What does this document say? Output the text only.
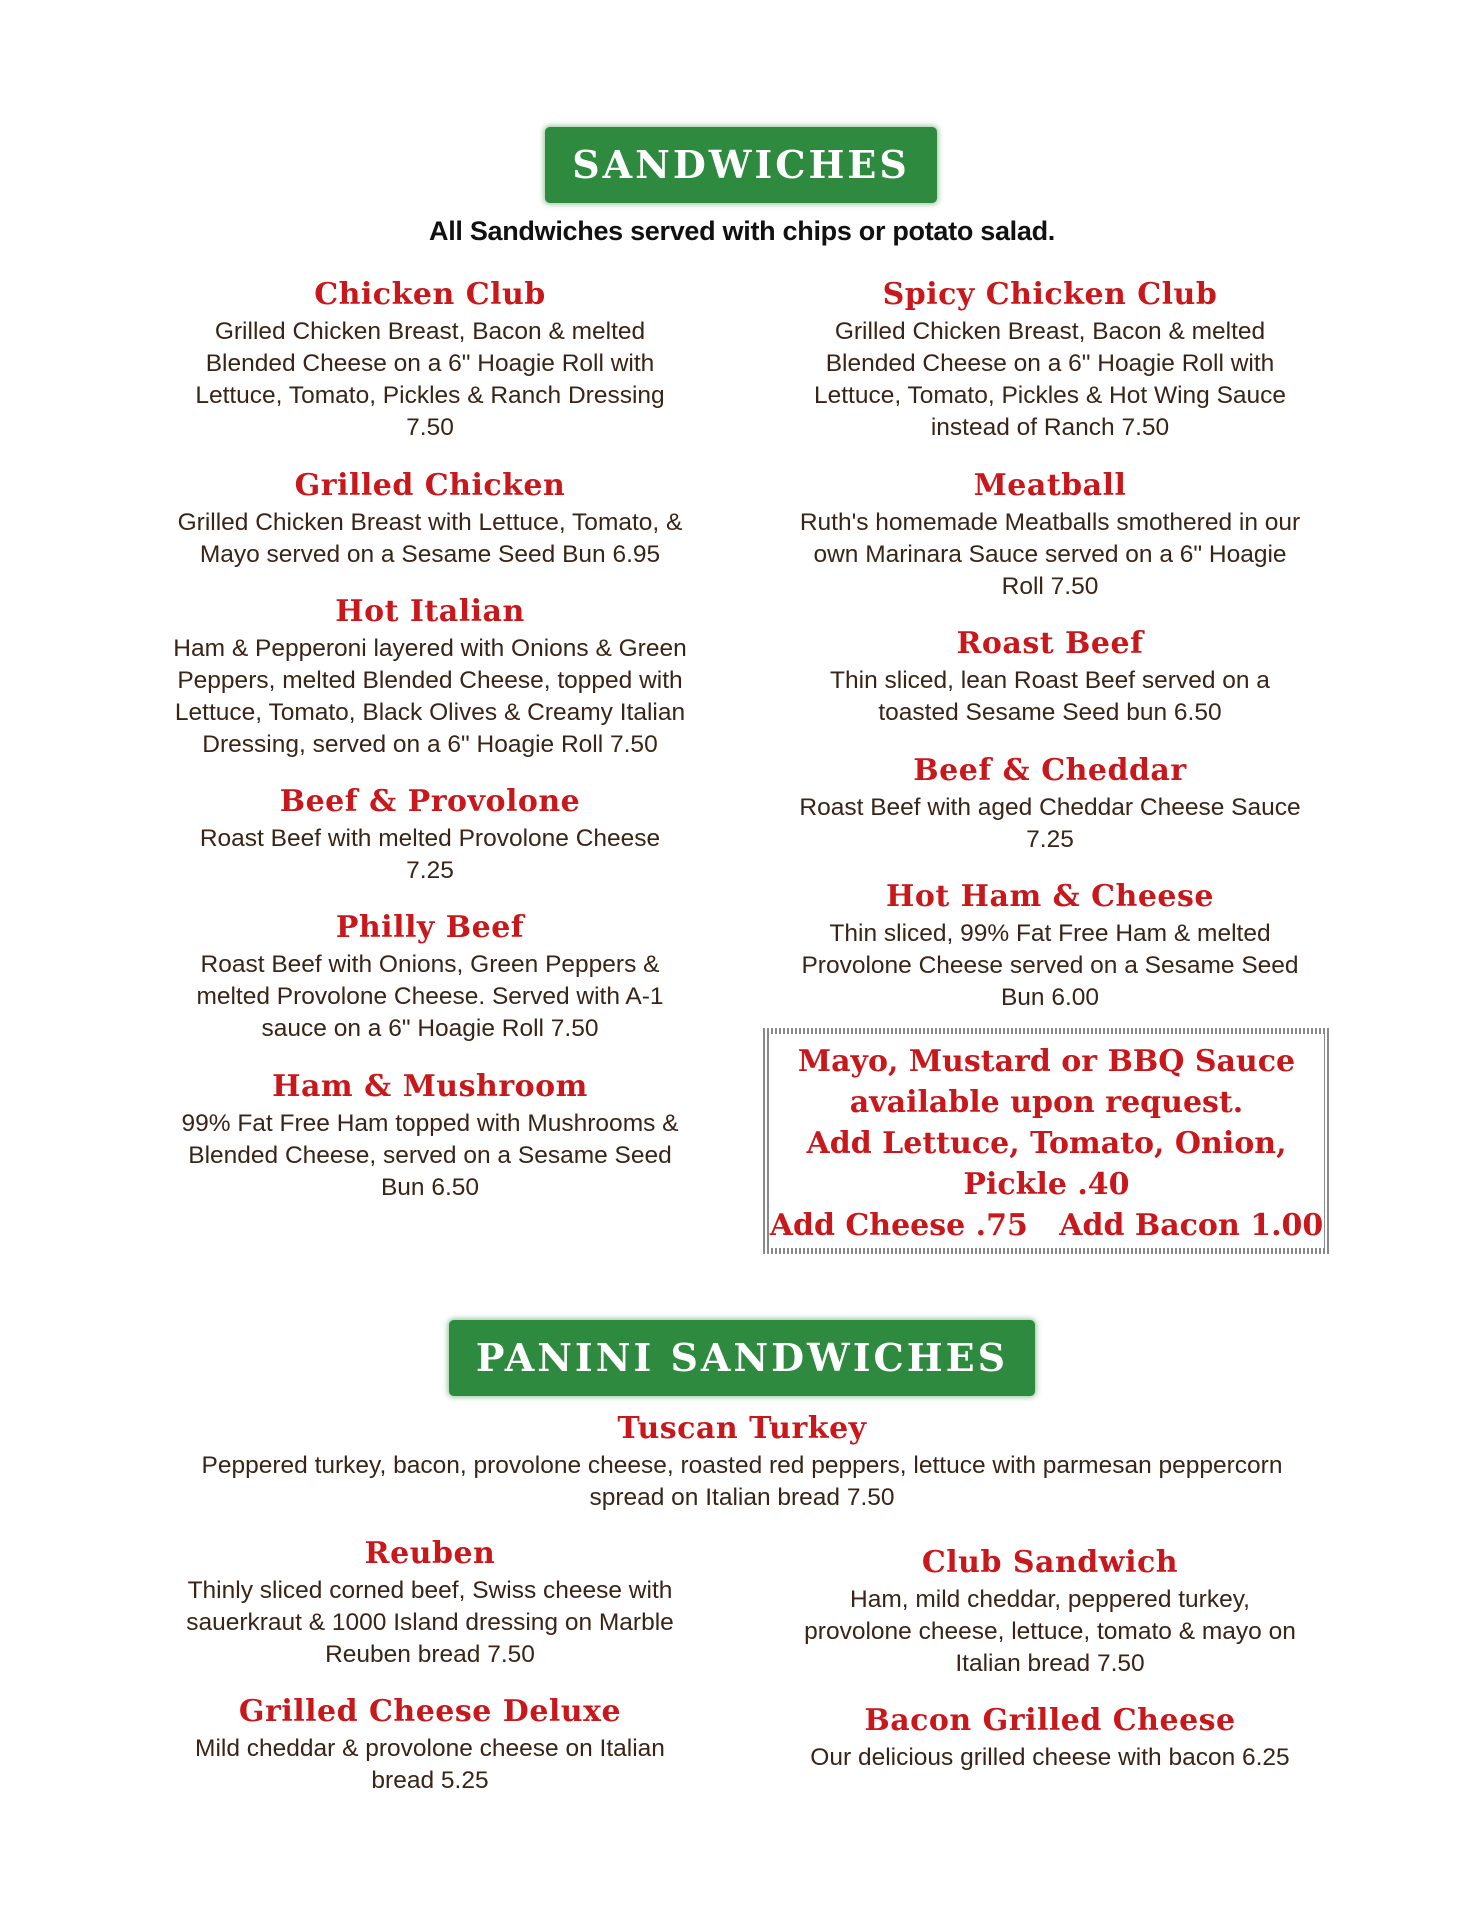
SANDWICHES
All Sandwiches served with chips or potato salad.
Chicken Club
Grilled Chicken Breast, Bacon & melted
Blended Cheese on a 6" Hoagie Roll with
Lettuce, Tomato, Pickles & Ranch Dressing
7.50
Grilled Chicken
Grilled Chicken Breast with Lettuce, Tomato, &
Mayo served on a Sesame Seed Bun 6.95
Hot Italian
Ham & Pepperoni layered with Onions & Green
Peppers, melted Blended Cheese, topped with
Lettuce, Tomato, Black Olives & Creamy Italian
Dressing, served on a 6" Hoagie Roll 7.50
Beef & Provolone
Roast Beef with melted Provolone Cheese
7.25
Philly Beef
Roast Beef with Onions, Green Peppers &
melted Provolone Cheese. Served with A-1
sauce on a 6" Hoagie Roll 7.50
Ham & Mushroom
99% Fat Free Ham topped with Mushrooms &
Blended Cheese, served on a Sesame Seed
Bun 6.50
Spicy Chicken Club
Grilled Chicken Breast, Bacon & melted
Blended Cheese on a 6" Hoagie Roll with
Lettuce, Tomato, Pickles & Hot Wing Sauce
instead of Ranch 7.50
Meatball
Ruth's homemade Meatballs smothered in our
own Marinara Sauce served on a 6" Hoagie
Roll 7.50
Roast Beef
Thin sliced, lean Roast Beef served on a
toasted Sesame Seed bun 6.50
Beef & Cheddar
Roast Beef with aged Cheddar Cheese Sauce
7.25
Hot Ham & Cheese
Thin sliced, 99% Fat Free Ham & melted
Provolone Cheese served on a Sesame Seed
Bun 6.00
Mayo, Mustard or BBQ Sauce
available upon request.
Add Lettuce, Tomato, Onion,
Pickle .40
Add Cheese .75   Add Bacon 1.00
PANINI SANDWICHES
Tuscan Turkey
Peppered turkey, bacon, provolone cheese, roasted red peppers, lettuce with parmesan peppercorn
spread on Italian bread 7.50
Reuben
Thinly sliced corned beef, Swiss cheese with
sauerkraut & 1000 Island dressing on Marble
Reuben bread 7.50
Grilled Cheese Deluxe
Mild cheddar & provolone cheese on Italian
bread 5.25
Club Sandwich
Ham, mild cheddar, peppered turkey,
provolone cheese, lettuce, tomato & mayo on
Italian bread 7.50
Bacon Grilled Cheese
Our delicious grilled cheese with bacon 6.25
